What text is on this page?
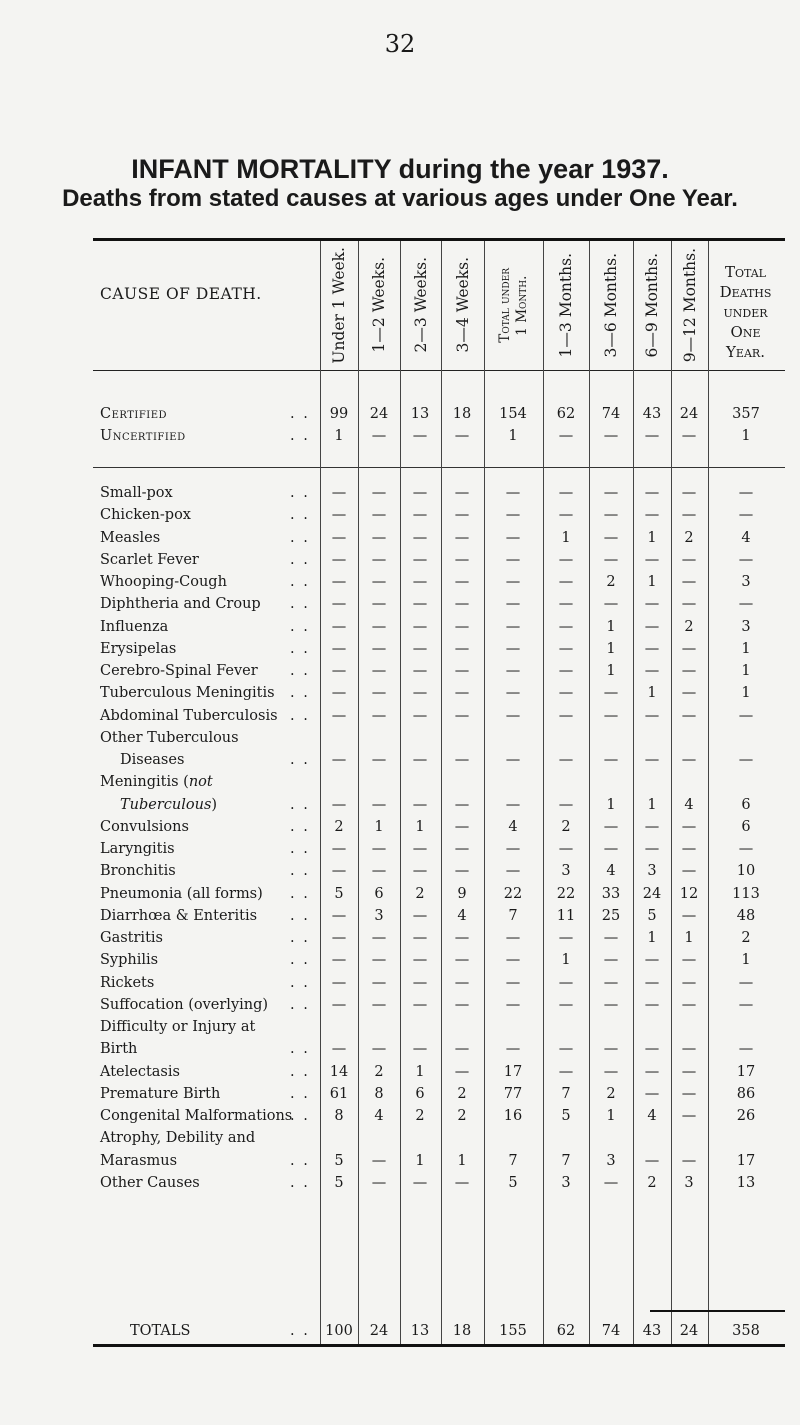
32
INFANT MORTALITY during the year 1937.
Deaths from stated causes at various ages under One Year.
CAUSE OF DEATH.	Under 1 Week. 1—2 Weeks. 2—3 Weeks. 3—4 Weeks. Total under
1 Month. 1—3 Months. 3—6 Months. 6—9 Months. 9—12 Months.	Total
Deaths
under
One
Year.
Certified	. .	99	24	13	18	154	62	74	43	24	357
Uncertified	. .	1	—	—	—	1	—	—	—	—	1
Small-pox	. .	—	—	—	—	—	—	—	—	—	—
Chicken-pox	. .	—	—	—	—	—	—	—	—	—	—
Measles	. .	—	—	—	—	—	1	—	1	2	4
Scarlet Fever	. .	—	—	—	—	—	—	—	—	—	—
Whooping-Cough	. .	—	—	—	—	—	—	2	1	—	3
Diphtheria and Croup . .	—	—	—	—	—	—	—	—	—	—
Influenza	. .	—	—	—	—	—	—	1	—	2	3
Erysipelas	. .	—	—	—	—	—	—	1	—	—	1
Cerebro-Spinal Fever . .	—	—	—	—	—	—	1	—	—	1
Tuberculous Meningitis . .	—	—	—	—	—	—	—	1	—	1
Abdominal Tuberculosis . .	—	—	—	—	—	—	—	—	—	—
Other Tuberculous
Diseases	. .	—	—	—	—	—	—	—	—	—	—
Meningitis (not
Tuberculous)	. .	—	—	—	—	—	—	1	1	4	6
Convulsions	. .	2	1	1	—	4	2	—	—	—	6
Laryngitis	. .	—	—	—	—	—	—	—	—	—	—
Bronchitis	. .	—	—	—	—	—	3	4	3	—	10
Pneumonia (all forms) . .	5	6	2	9	22	22	33	24	12	113
Diarrhœa & Enteritis . .	—	3	—	4	7	11	25	5	—	48
Gastritis	. .	—	—	—	—	—	—	—	1	1	2
Syphilis	. .	—	—	—	—	—	1	—	—	—	1
Rickets	. .	—	—	—	—	—	—	—	—	—	—
Suffocation (overlying) . .	—	—	—	—	—	—	—	—	—	—
Difficulty or Injury at
Birth	. .	—	—	—	—	—	—	—	—	—	—
Atelectasis	. .	14	2	1	—	17	—	—	—	—	17
Premature Birth	. .	61	8	6	2	77	7	2	—	—	86
Congenital Malformations
. .	8	4	2	2	16	5	1	4	—	26
Atrophy, Debility and
Marasmus	. .	5	—	1	1	7	7	3	—	—	17
Other Causes	. .	5	—	—	—	5	3	—	2	3	13
TOTALS	. .	100	24	13	18	155	62	74	43	24	358
